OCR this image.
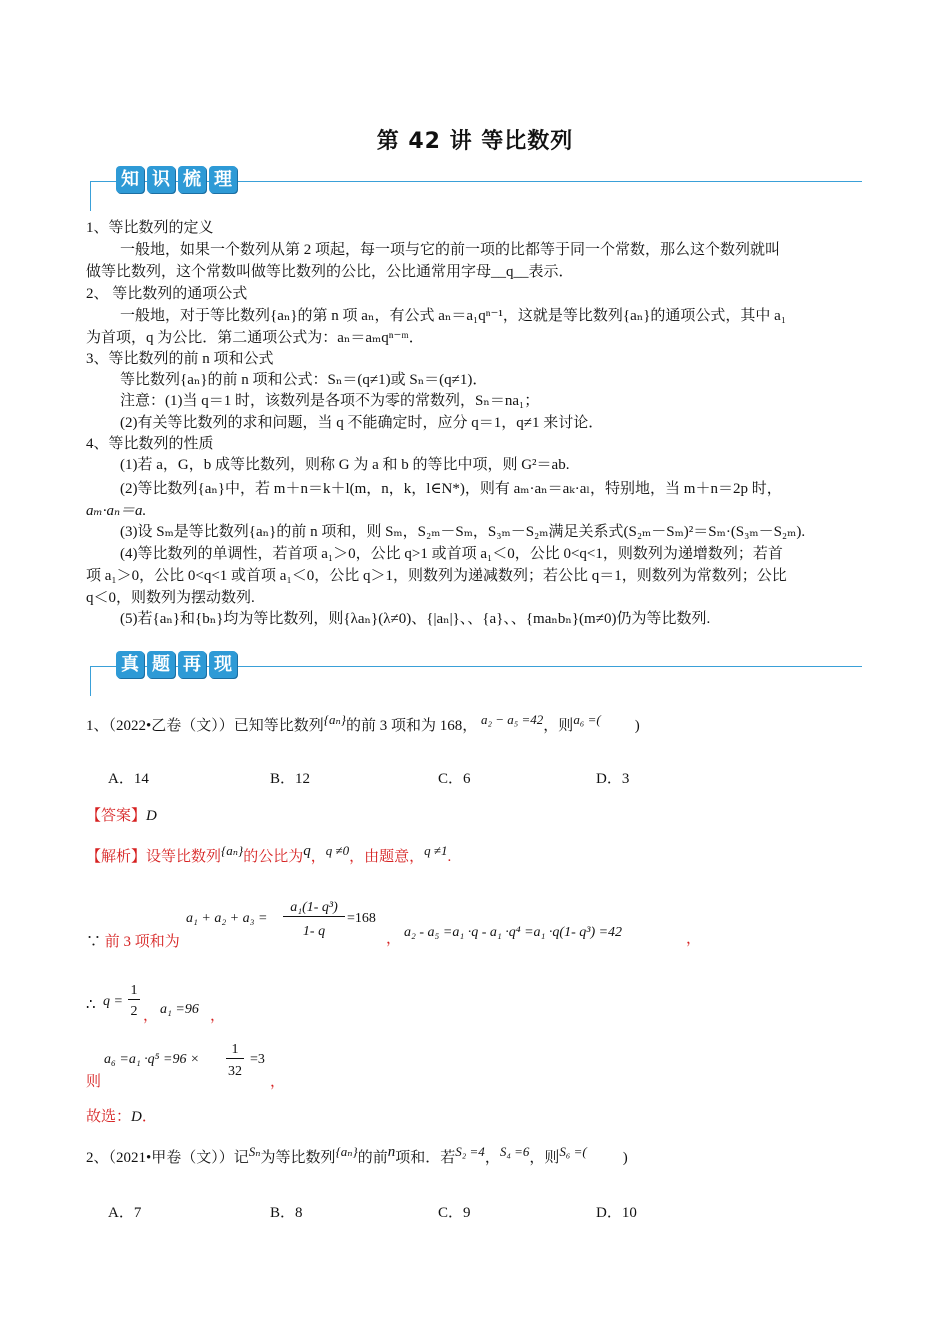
第 42 讲 等比数列
知 识 梳 理
1、等比数列的定义
一般地，如果一个数列从第 2 项起，每一项与它的前一项的比都等于同一个常数，那么这个数列就叫
做等比数列，这个常数叫做等比数列的公比，公比通常用字母__q__表示．
2、 等比数列的通项公式
一般地，对于等比数列{aₙ}的第 n 项 aₙ，有公式 aₙ＝a₁qⁿ⁻¹，这就是等比数列{aₙ}的通项公式，其中 a₁
为首项，q 为公比．第二通项公式为：aₙ＝aₘqⁿ⁻ᵐ．
3、等比数列的前 n 项和公式
等比数列{aₙ}的前 n 项和公式：Sₙ＝(q≠1)或 Sₙ＝(q≠1)．
注意：(1)当 q＝1 时，该数列是各项不为零的常数列，Sₙ＝na₁；
(2)有关等比数列的求和问题，当 q 不能确定时，应分 q＝1，q≠1 来讨论．
4、等比数列的性质
(1)若 a，G，b 成等比数列，则称 G 为 a 和 b 的等比中项，则 G²＝ab.
(2)等比数列{aₙ}中，若 m＋n＝k＋l(m，n，k，l∈N*)，则有 aₘ·aₙ＝aₖ·aₗ，特别地，当 m＋n＝2p 时，
aₘ·aₙ＝a.
(3)设 Sₘ是等比数列{aₙ}的前 n 项和，则 Sₘ，S₂ₘ－Sₘ，S₃ₘ－S₂ₘ满足关系式(S₂ₘ－Sₘ)²＝Sₘ·(S₃ₘ－S₂ₘ).
(4)等比数列的单调性，若首项 a₁＞0，公比 q>1 或首项 a₁＜0，公比 0<q<1，则数列为递增数列；若首
项 a₁＞0，公比 0<q<1 或首项 a₁＜0，公比 q＞1，则数列为递减数列；若公比 q＝1，则数列为常数列；公比
q＜0，则数列为摆动数列.
(5)若{aₙ}和{bₙ}均为等比数列，则{λaₙ}(λ≠0)、{|aₙ|}、、{a}、、{maₙbₙ}(m≠0)仍为等比数列.
真 题 再 现
1、（2022•乙卷（文））已知等比数列{aₙ}的前 3 项和为 168， a₂ − a₅ =42，则a₆ =( )
A．14	B．12	C．6	D．3
【答案】D
【解析】设等比数列{aₙ}的公比为q，q ≠0，由题意，q ≠1.
∵ 前 3 项和为
a₁ + a₂ + a₃ =
a₁(1- q³)
1- q
=168
， a₂ - a₅ =a₁ ·q - a₁ ·q⁴ =a₁ ·q(1- q³) =42	，
∴ q =
1
2 ， a₁ =96 ，
则
a₆ =a₁ ·q⁵ =96 ×
1
32
=3
，
故选：D．
2、（2021•甲卷（文））记Sₙ为等比数列{aₙ}的前n项和．若S₂ =4，S₄ =6，则S₆ =( )
A．7	B．8	C．9	D．10
